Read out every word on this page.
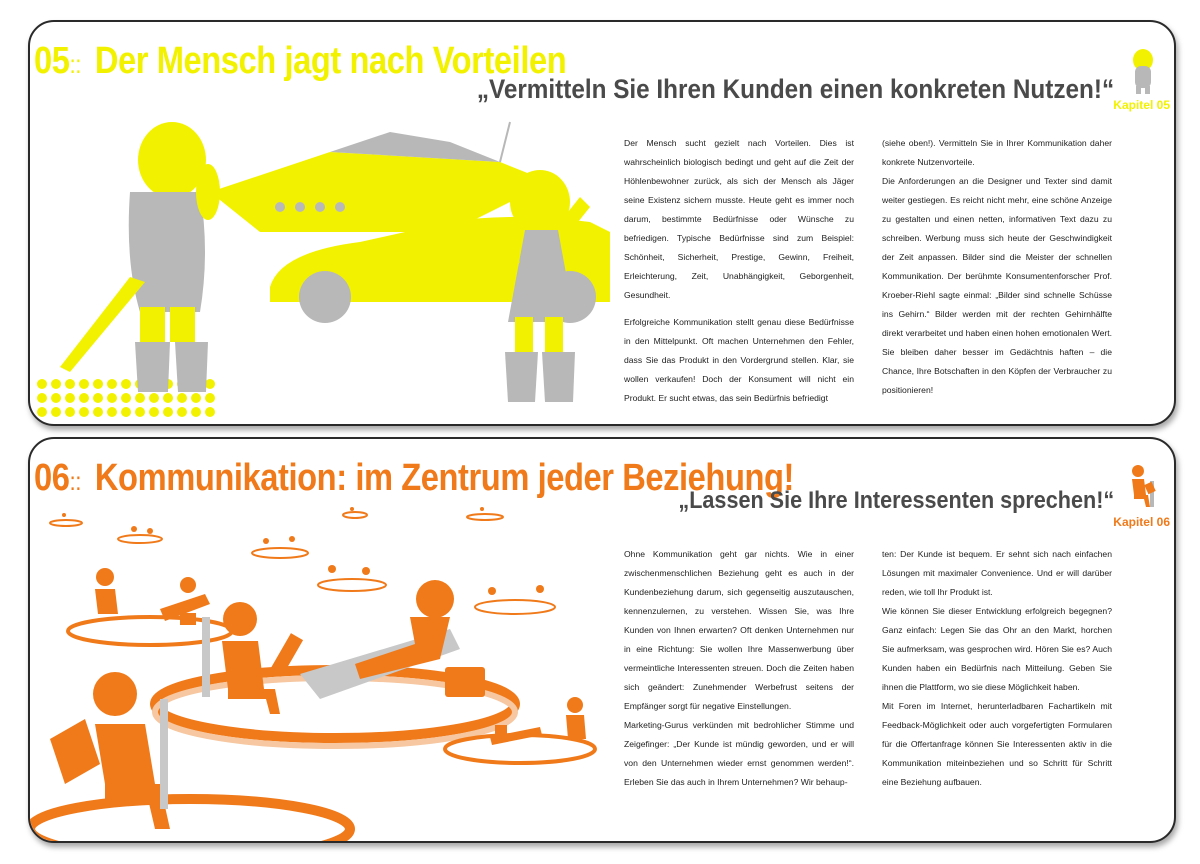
05:: Der Mensch jagt nach Vorteilen
„Vermitteln Sie Ihren Kunden einen konkreten Nutzen!“
Kapitel 05

Der Mensch sucht gezielt nach Vorteilen. Dies ist wahrscheinlich biologisch bedingt und geht auf die Zeit der Höhlenbewohner zurück, als sich der Mensch als Jäger seine Existenz sichern musste. Heute geht es immer noch darum, bestimmte Bedürfnisse oder Wünsche zu befriedigen. Typische Bedürfnisse sind zum Beispiel: Schönheit, Sicherheit, Prestige, Gewinn, Freiheit, Erleichterung, Zeit, Unabhängigkeit, Geborgenheit, Gesundheit.

Erfolgreiche Kommunikation stellt genau diese Bedürfnisse in den Mittelpunkt. Oft machen Unternehmen den Fehler, dass Sie das Produkt in den Vordergrund stellen. Klar, sie wollen verkaufen! Doch der Konsument will nicht ein Produkt. Er sucht etwas, das sein Bedürfnis befriedigt

(siehe oben!). Vermitteln Sie in Ihrer Kommunikation daher konkrete Nutzenvorteile.

Die Anforderungen an die Designer und Texter sind damit weiter gestiegen. Es reicht nicht mehr, eine schöne Anzeige zu gestalten und einen netten, informativen Text dazu zu schreiben. Werbung muss sich heute der Geschwindigkeit der Zeit anpassen. Bilder sind die Meister der schnellen Kommunikation. Der berühmte Konsumentenforscher Prof. Kroeber-Riehl sagte einmal: „Bilder sind schnelle Schüsse ins Gehirn.“ Bilder werden mit der rechten Gehirnhälfte direkt verarbeitet und haben einen hohen emotionalen Wert. Sie bleiben daher besser im Gedächtnis haften – die Chance, Ihre Botschaften in den Köpfen der Verbraucher zu positionieren!

06:: Kommunikation: im Zentrum jeder Beziehung!
„Lassen Sie Ihre Interessenten sprechen!“
Kapitel 06

Ohne Kommunikation geht gar nichts. Wie in einer zwischenmenschlichen Beziehung geht es auch in der Kundenbeziehung darum, sich gegenseitig auszutauschen, kennenzulernen, zu verstehen. Wissen Sie, was Ihre Kunden von Ihnen erwarten? Oft denken Unternehmen nur in eine Richtung: Sie wollen Ihre Massenwerbung über vermeintliche Interessenten streuen. Doch die Zeiten haben sich geändert: Zunehmender Werbefrust seitens der Empfänger sorgt für negative Einstellungen.

Marketing-Gurus verkünden mit bedrohlicher Stimme und Zeigefinger: „Der Kunde ist mündig geworden, und er will von den Unternehmen wieder ernst genommen werden!“. Erleben Sie das auch in Ihrem Unternehmen? Wir behaup-

ten: Der Kunde ist bequem. Er sehnt sich nach einfachen Lösungen mit maximaler Convenience. Und er will darüber reden, wie toll Ihr Produkt ist.

Wie können Sie dieser Entwicklung erfolgreich begegnen? Ganz einfach: Legen Sie das Ohr an den Markt, horchen Sie aufmerksam, was gesprochen wird. Hören Sie es? Auch Kunden haben ein Bedürfnis nach Mitteilung. Geben Sie ihnen die Plattform, wo sie diese Möglichkeit haben.

Mit Foren im Internet, herunterladbaren Fachartikeln mit Feedback-Möglichkeit oder auch vorgefertigten Formularen für die Offertanfrage können Sie Interessenten aktiv in die Kommunikation miteinbeziehen und so Schritt für Schritt eine Beziehung aufbauen.
